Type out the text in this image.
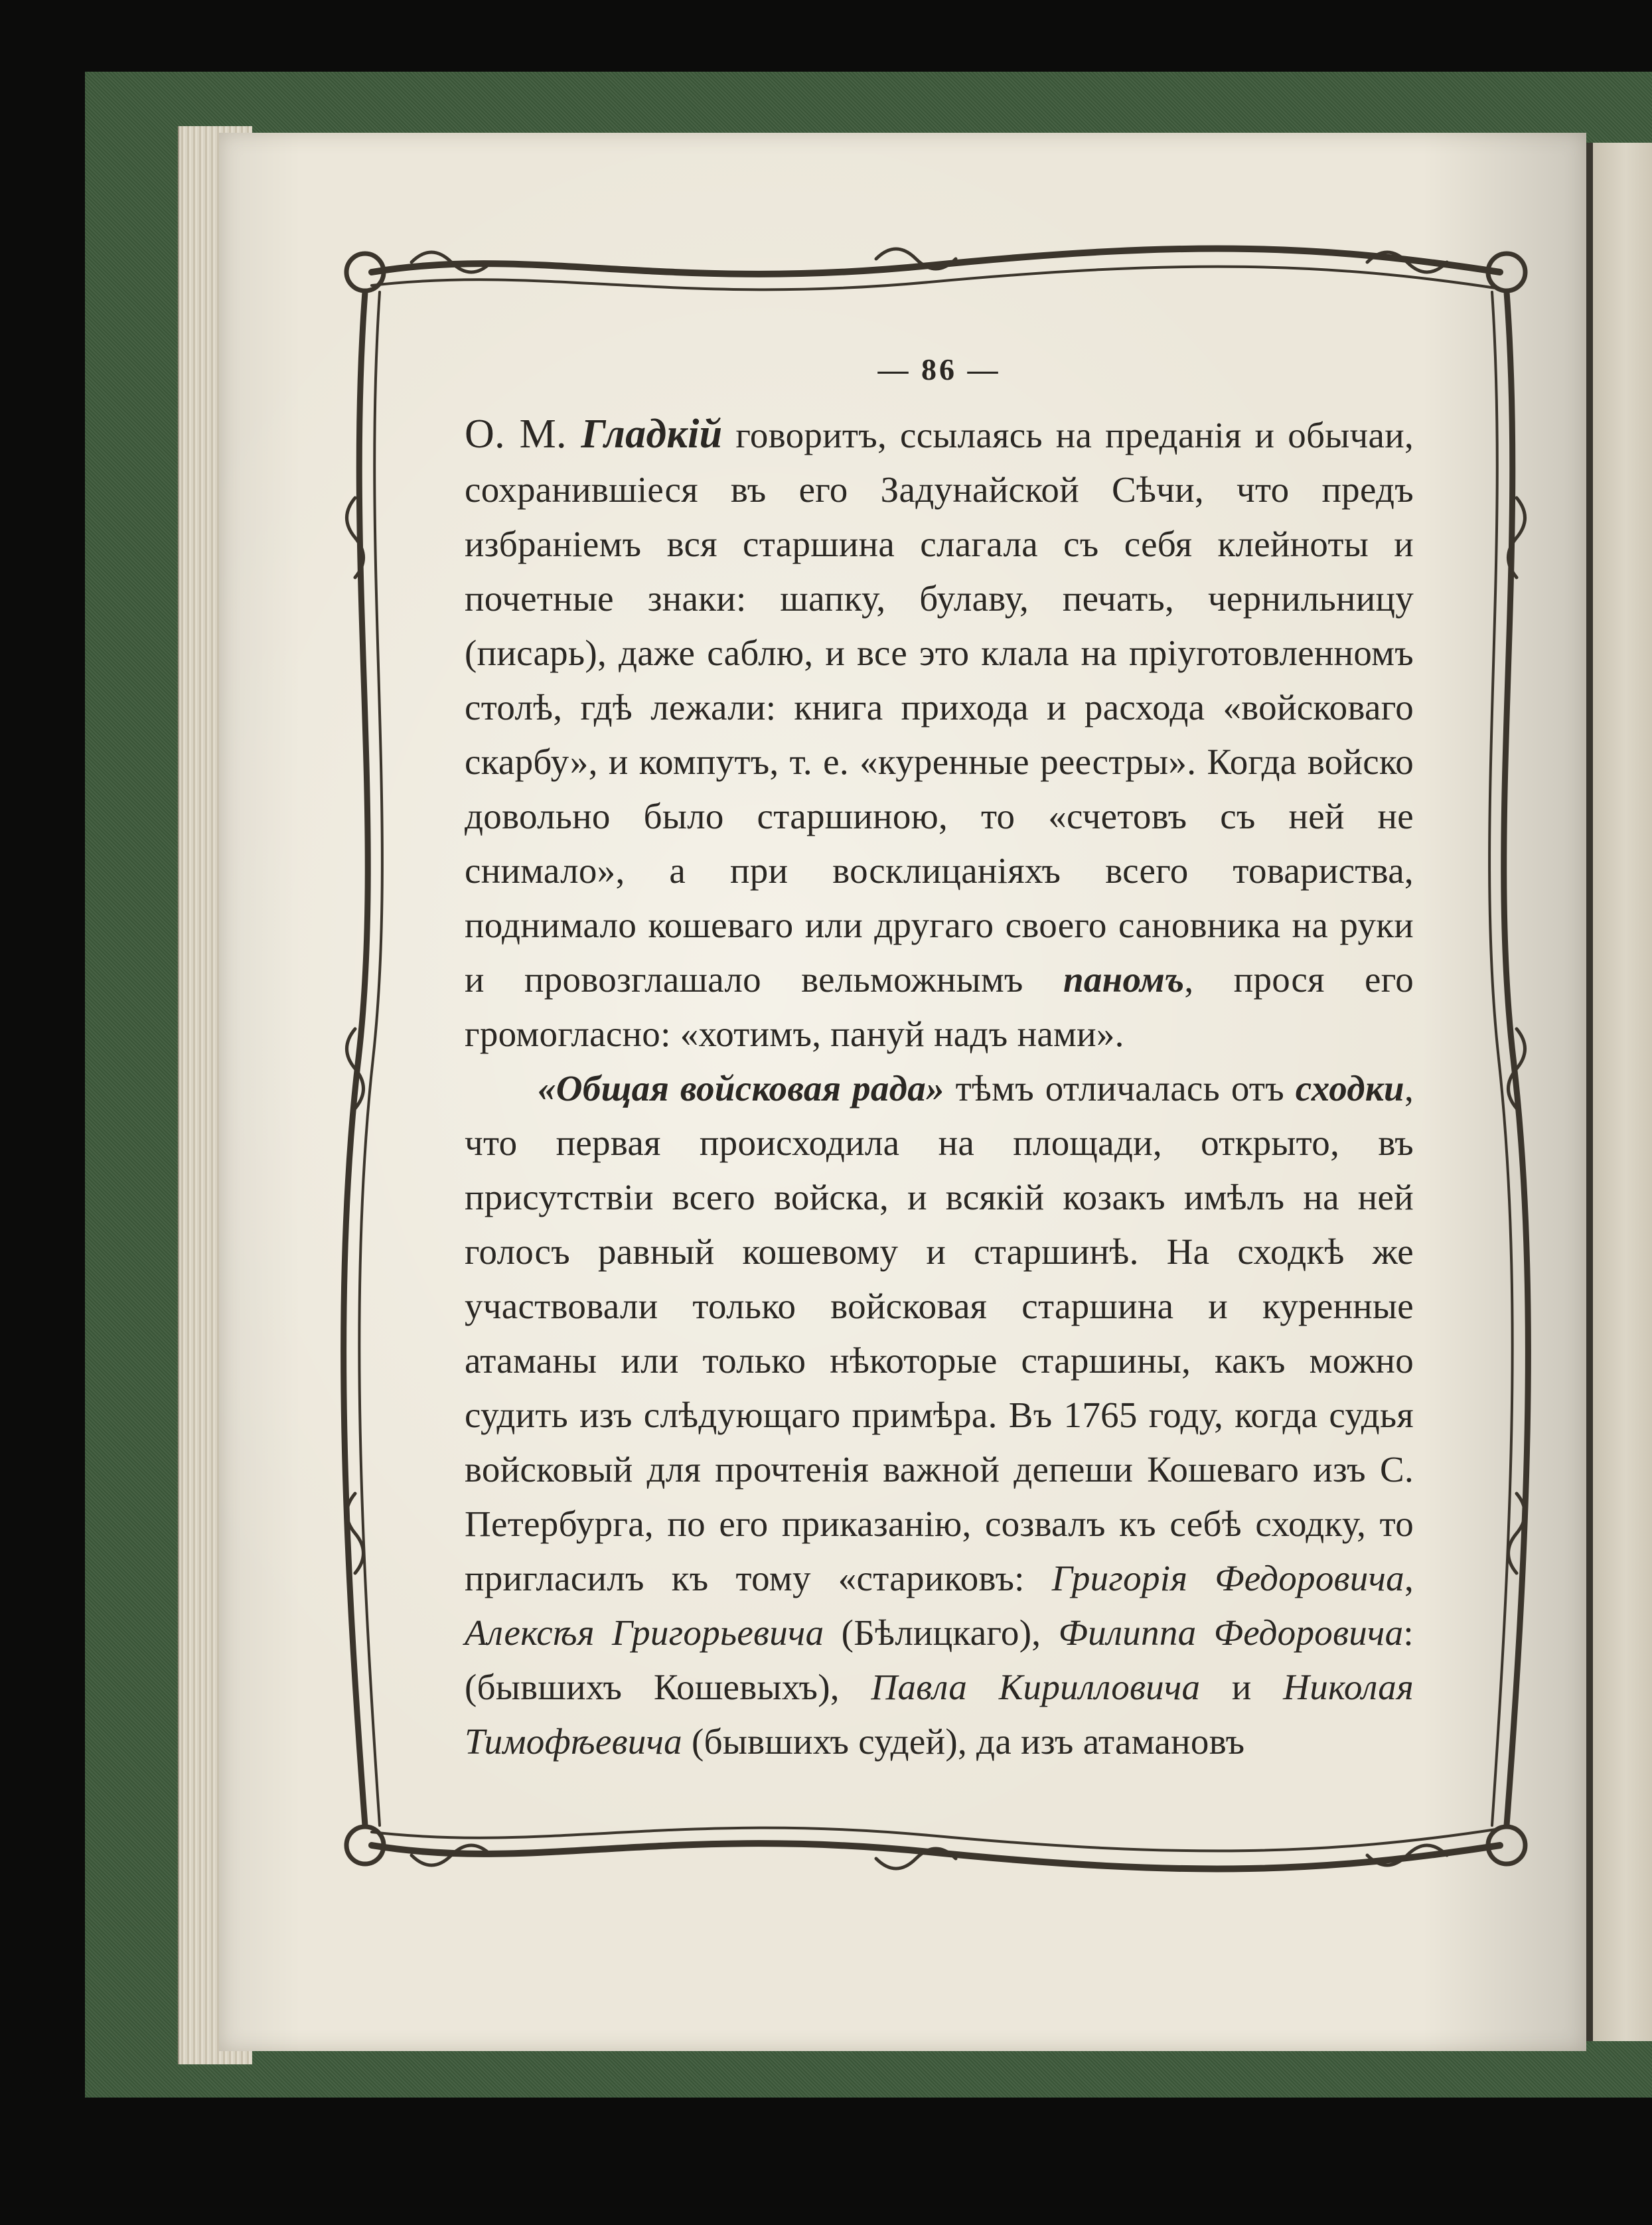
— 86 —

О. М. Гладкій говоритъ, ссылаясь на преданія и обычаи, сохранившіеся въ его Задунайской Сѣчи, что предъ избраніемъ вся старшина слагала съ себя клейноты и почетные знаки: шапку, булаву, печать, чернильницу (писарь), даже саблю, и все это клала на пріуготовленномъ столѣ, гдѣ лежали: книга прихода и расхода «войсковаго скарбу», и компутъ, т. е. «куренные реестры». Когда войско довольно было старшиною, то «счетовъ съ ней не снимало», а при восклицаніяхъ всего товариства, поднимало кошеваго или другаго своего сановника на руки и провозглашало вельможнымъ паномъ, прося его громогласно: «хотимъ, пануй надъ нами».

«Общая войсковая рада» тѣмъ отличалась отъ сходки, что первая происходила на площади, открыто, въ присутствіи всего войска, и всякій козакъ имѣлъ на ней голосъ равный кошевому и старшинѣ. На сходкѣ же участвовали только войсковая старшина и куренные атаманы или только нѣкоторые старшины, какъ можно судить изъ слѣдующаго примѣра. Въ 1765 году, когда судья войсковый для прочтенія важной депеши Кошеваго изъ С. Петербурга, по его приказанію, созвалъ къ себѣ сходку, то пригласилъ къ тому «стариковъ: Григорія Федоровича, Алексѣя Григорьевича (Бѣлицкаго), Филиппа Федоровича: (бывшихъ Кошевыхъ), Павла Кирилловича и Николая Тимофѣевича (бывшихъ судей), да изъ атамановъ
